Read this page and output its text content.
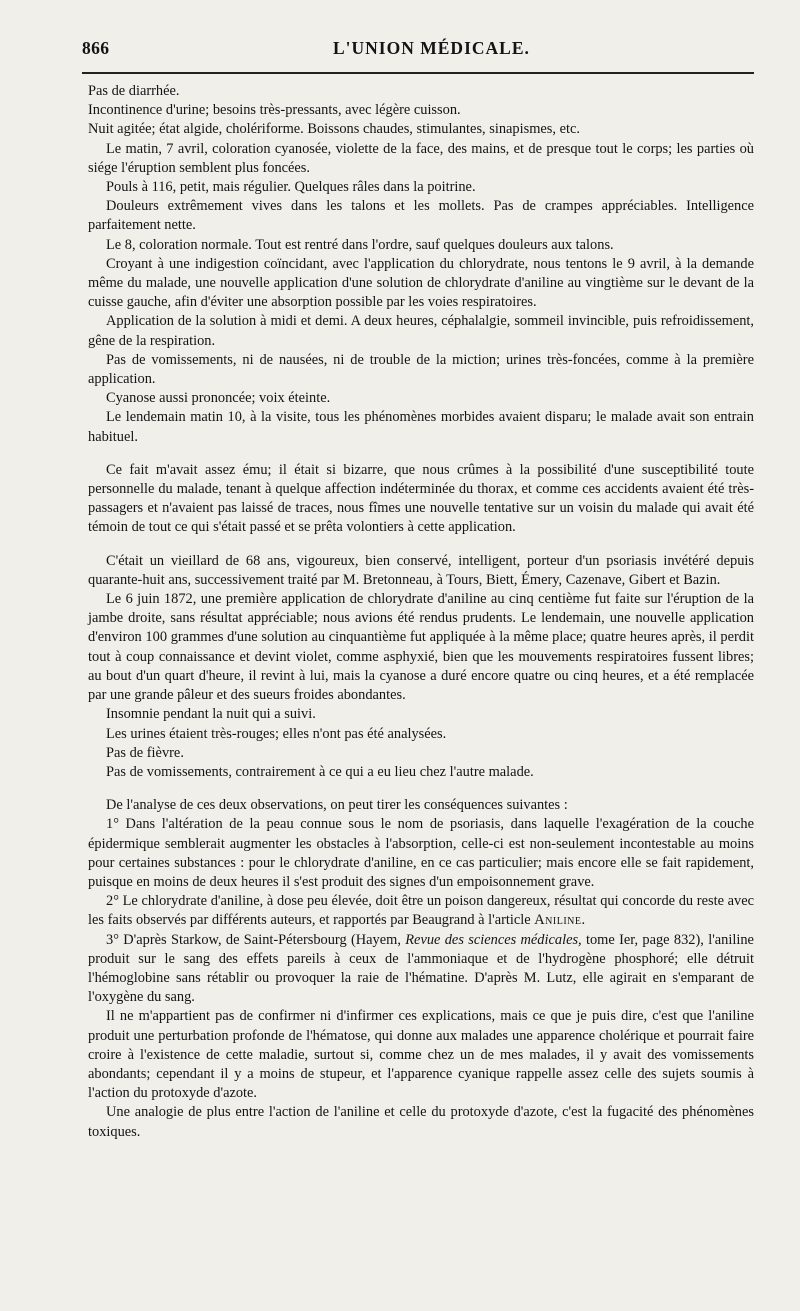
866	L'UNION MÉDICALE.

Pas de diarrhée.

Incontinence d'urine; besoins très-pressants, avec légère cuisson.

Nuit agitée; état algide, cholériforme. Boissons chaudes, stimulantes, sinapismes, etc.

Le matin, 7 avril, coloration cyanosée, violette de la face, des mains, et de presque tout le corps; les parties où siége l'éruption semblent plus foncées.

Pouls à 116, petit, mais régulier. Quelques râles dans la poitrine.

Douleurs extrêmement vives dans les talons et les mollets. Pas de crampes appréciables. Intelligence parfaitement nette.

Le 8, coloration normale. Tout est rentré dans l'ordre, sauf quelques douleurs aux talons.

Croyant à une indigestion coïncidant, avec l'application du chlorydrate, nous tentons le 9 avril, à la demande même du malade, une nouvelle application d'une solution de chlorydrate d'aniline au vingtième sur le devant de la cuisse gauche, afin d'éviter une absorption possible par les voies respiratoires.

Application de la solution à midi et demi. A deux heures, céphalalgie, sommeil invincible, puis refroidissement, gêne de la respiration.

Pas de vomissements, ni de nausées, ni de trouble de la miction; urines très-foncées, comme à la première application.

Cyanose aussi prononcée; voix éteinte.

Le lendemain matin 10, à la visite, tous les phénomènes morbides avaient disparu; le malade avait son entrain habituel.

Ce fait m'avait assez ému; il était si bizarre, que nous crûmes à la possibilité d'une susceptibilité toute personnelle du malade, tenant à quelque affection indéterminée du thorax, et comme ces accidents avaient été très-passagers et n'avaient pas laissé de traces, nous fîmes une nouvelle tentative sur un voisin du malade qui avait été témoin de tout ce qui s'était passé et se prêta volontiers à cette application.

C'était un vieillard de 68 ans, vigoureux, bien conservé, intelligent, porteur d'un psoriasis invétéré depuis quarante-huit ans, successivement traité par M. Bretonneau, à Tours, Biett, Émery, Cazenave, Gibert et Bazin.

Le 6 juin 1872, une première application de chlorydrate d'aniline au cinq centième fut faite sur l'éruption de la jambe droite, sans résultat appréciable; nous avions été rendus prudents. Le lendemain, une nouvelle application d'environ 100 grammes d'une solution au cinquantième fut appliquée à la même place; quatre heures après, il perdit tout à coup connaissance et devint violet, comme asphyxié, bien que les mouvements respiratoires fussent libres; au bout d'un quart d'heure, il revint à lui, mais la cyanose a duré encore quatre ou cinq heures, et a été remplacée par une grande pâleur et des sueurs froides abondantes.

Insomnie pendant la nuit qui a suivi.

Les urines étaient très-rouges; elles n'ont pas été analysées.

Pas de fièvre.

Pas de vomissements, contrairement à ce qui a eu lieu chez l'autre malade.

De l'analyse de ces deux observations, on peut tirer les conséquences suivantes :

1° Dans l'altération de la peau connue sous le nom de psoriasis, dans laquelle l'exagération de la couche épidermique semblerait augmenter les obstacles à l'absorption, celle-ci est non-seulement incontestable au moins pour certaines substances : pour le chlorydrate d'aniline, en ce cas particulier; mais encore elle se fait rapidement, puisque en moins de deux heures il s'est produit des signes d'un empoisonnement grave.

2° Le chlorydrate d'aniline, à dose peu élevée, doit être un poison dangereux, résultat qui concorde du reste avec les faits observés par différents auteurs, et rapportés par Beaugrand à l'article Aniline.

3° D'après Starkow, de Saint-Pétersbourg (Hayem, Revue des sciences médicales, tome Ier, page 832), l'aniline produit sur le sang des effets pareils à ceux de l'ammoniaque et de l'hydrogène phosphoré; elle détruit l'hémoglobine sans rétablir ou provoquer la raie de l'hématine. D'après M. Lutz, elle agirait en s'emparant de l'oxygène du sang.

Il ne m'appartient pas de confirmer ni d'infirmer ces explications, mais ce que je puis dire, c'est que l'aniline produit une perturbation profonde de l'hématose, qui donne aux malades une apparence cholérique et pourrait faire croire à l'existence de cette maladie, surtout si, comme chez un de mes malades, il y avait des vomissements abondants; cependant il y a moins de stupeur, et l'apparence cyanique rappelle assez celle des sujets soumis à l'action du protoxyde d'azote.

Une analogie de plus entre l'action de l'aniline et celle du protoxyde d'azote, c'est la fugacité des phénomènes toxiques.
